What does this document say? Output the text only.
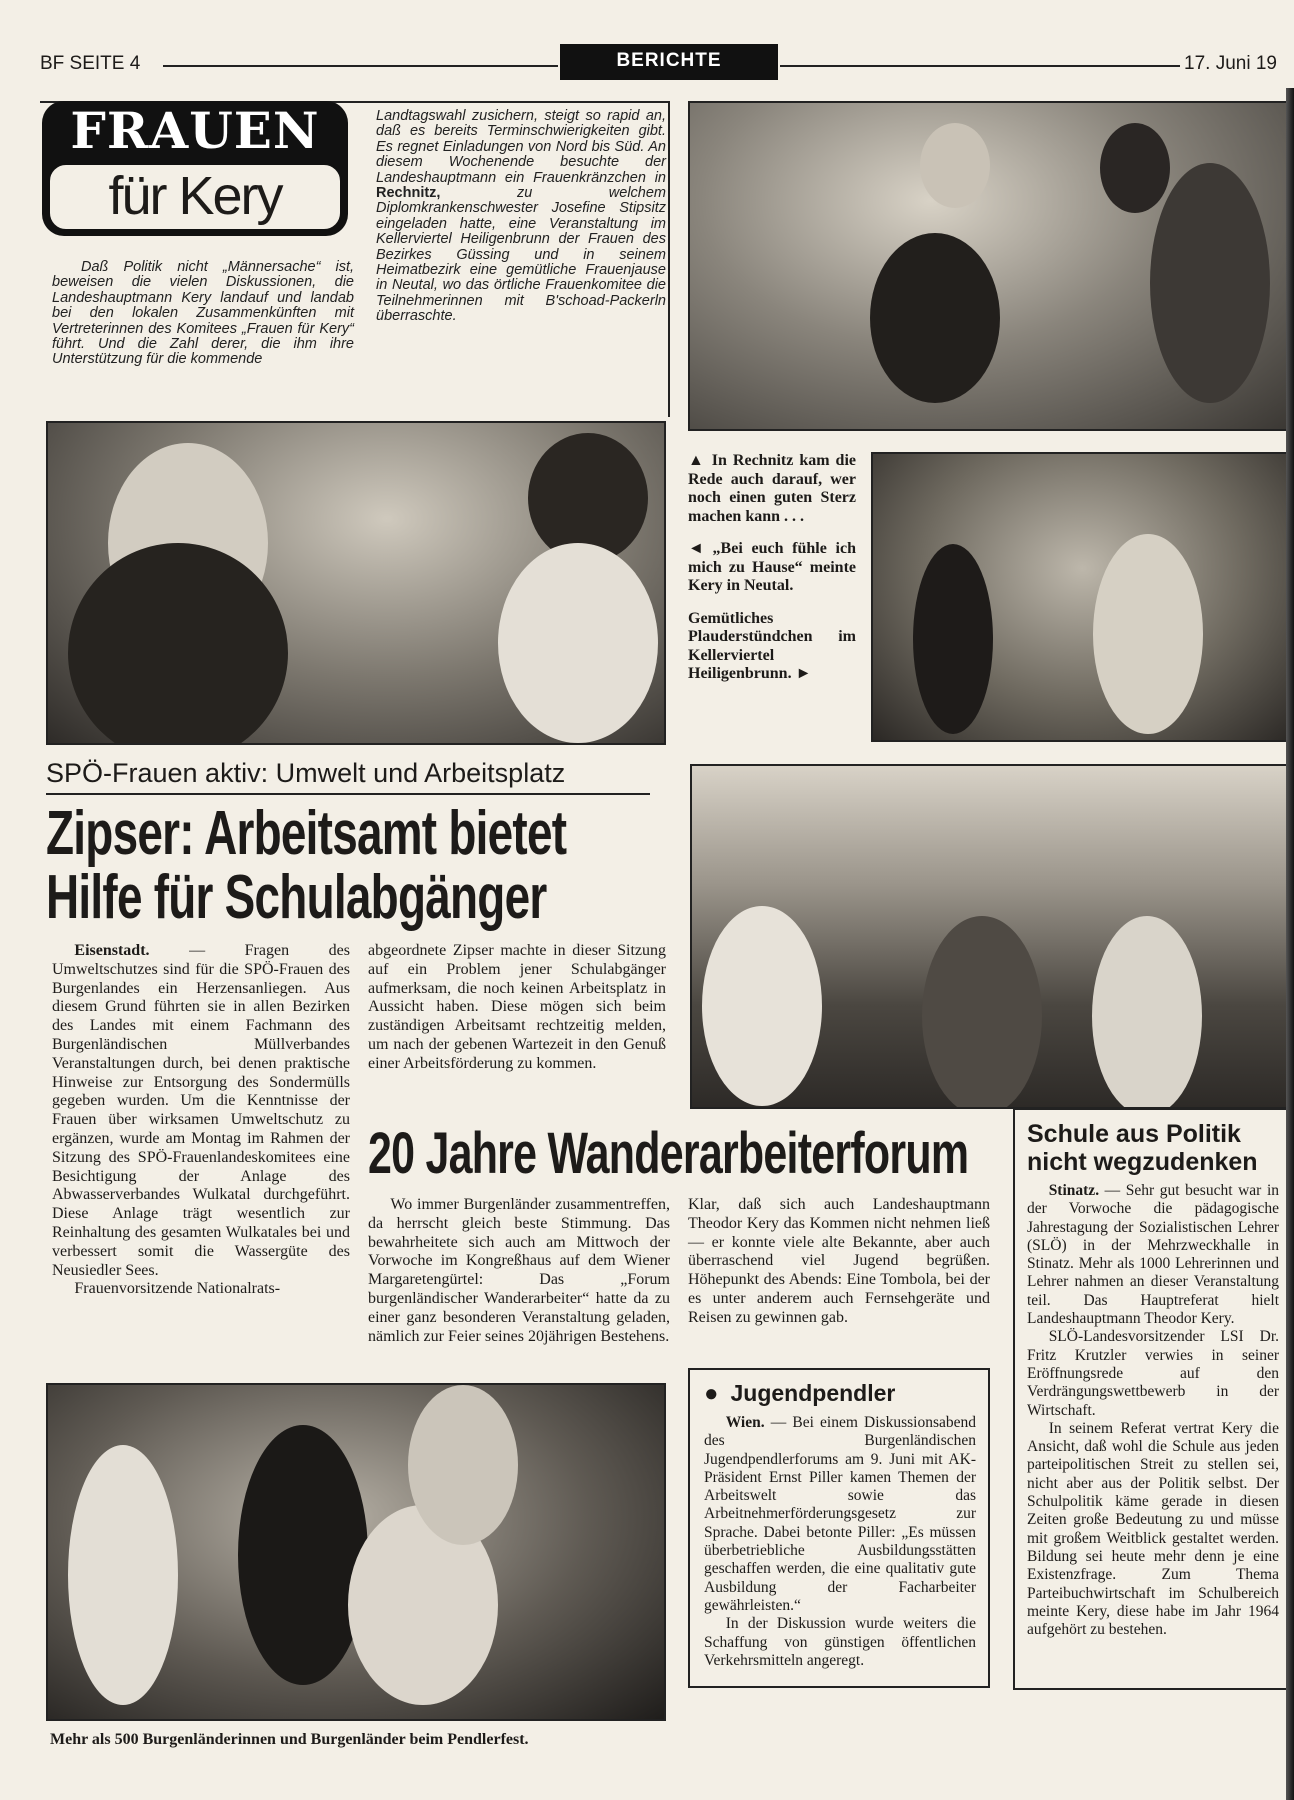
BF SEITE 4	BERICHTE	17. Juni 19
FRAUEN
für Kery
Daß Politik nicht „Männersache“ ist, beweisen die vielen Diskussionen, die Landeshauptmann Kery landauf und landab bei den lokalen Zusammenkünften mit Vertreterinnen des Komitees „Frauen für Kery“ führt. Und die Zahl derer, die ihm ihre Unterstützung für die kommende
Landtagswahl zusichern, steigt so rapid an, daß es bereits Terminschwierigkeiten gibt. Es regnet Einladungen von Nord bis Süd. An diesem Wochenende besuchte der Landeshauptmann ein Frauenkränzchen in Rechnitz, zu welchem Diplomkrankenschwester Josefine Stipsitz eingeladen hatte, eine Veranstaltung im Kellerviertel Heiligenbrunn der Frauen des Bezirkes Güssing und in seinem Heimatbezirk eine gemütliche Frauenjause in Neutal, wo das örtliche Frauenkomitee die Teilnehmerinnen mit B'schoad-Packerln überraschte.

▲ In Rechnitz kam die Rede auch darauf, wer noch einen guten Sterz machen kann . . .

◄ „Bei euch fühle ich mich zu Hause“ meinte Kery in Neutal.

Gemütliches Plauderstündchen im Kellerviertel Heiligenbrunn. ►

SPÖ-Frauen aktiv: Umwelt und Arbeitsplatz
Zipser: Arbeitsamt bietet
Hilfe für Schulabgänger

Eisenstadt. — Fragen des Umweltschutzes sind für die SPÖ-Frauen des Burgenlandes ein Herzensanliegen. Aus diesem Grund führten sie in allen Bezirken des Landes mit einem Fachmann des Burgenländischen Müllverbandes Veranstaltungen durch, bei denen praktische Hinweise zur Entsorgung des Sondermülls gegeben wurden. Um die Kenntnisse der Frauen über wirksamen Umweltschutz zu ergänzen, wurde am Montag im Rahmen der Sitzung des SPÖ-Frauenlandeskomitees eine Besichtigung der Anlage des Abwasserverbandes Wulkatal durchgeführt. Diese Anlage trägt wesentlich zur Reinhaltung des gesamten Wulkatales bei und verbessert somit die Wassergüte des Neusiedler Sees.

Frauenvorsitzende Nationalrats-

abgeordnete Zipser machte in dieser Sitzung auf ein Problem jener Schulabgänger aufmerksam, die noch keinen Arbeitsplatz in Aussicht haben. Diese mögen sich beim zuständigen Arbeitsamt rechtzeitig melden, um nach der gebenen Wartezeit in den Genuß einer Arbeitsförderung zu kommen.

20 Jahre Wanderarbeiterforum

Wo immer Burgenländer zusammentreffen, da herrscht gleich beste Stimmung. Das bewahrheitete sich auch am Mittwoch der Vorwoche im Kongreßhaus auf dem Wiener Margaretengürtel: Das „Forum burgenländischer Wanderarbeiter“ hatte da zu einer ganz besonderen Veranstaltung geladen, nämlich zur Feier seines 20jährigen Bestehens.

Klar, daß sich auch Landeshauptmann Theodor Kery das Kommen nicht nehmen ließ — er konnte viele alte Bekannte, aber auch überraschend viel Jugend begrüßen. Höhepunkt des Abends: Eine Tombola, bei der es unter anderem auch Fernsehgeräte und Reisen zu gewinnen gab.

● Jugendpendler

Wien. — Bei einem Diskussionsabend des Burgenländischen Jugendpendlerforums am 9. Juni mit AK-Präsident Ernst Piller kamen Themen der Arbeitswelt sowie das Arbeitnehmerförderungsgesetz zur Sprache. Dabei betonte Piller: „Es müssen überbetriebliche Ausbildungsstätten geschaffen werden, die eine qualitativ gute Ausbildung der Facharbeiter gewährleisten.“

In der Diskussion wurde weiters die Schaffung von günstigen öffentlichen Verkehrsmitteln angeregt.

Schule aus Politik
nicht wegzudenken

Stinatz. — Sehr gut besucht war in der Vorwoche die pädagogische Jahrestagung der Sozialistischen Lehrer (SLÖ) in der Mehrzweckhalle in Stinatz. Mehr als 1000 Lehrerinnen und Lehrer nahmen an dieser Veranstaltung teil. Das Hauptreferat hielt Landeshauptmann Theodor Kery.

SLÖ-Landesvorsitzender LSI Dr. Fritz Krutzler verwies in seiner Eröffnungsrede auf den Verdrängungswettbewerb in der Wirtschaft.

In seinem Referat vertrat Kery die Ansicht, daß wohl die Schule aus jeden parteipolitischen Streit zu stellen sei, nicht aber aus der Politik selbst. Der Schulpolitik käme gerade in diesen Zeiten große Bedeutung zu und müsse mit großem Weitblick gestaltet werden. Bildung sei heute mehr denn je eine Existenzfrage. Zum Thema Parteibuchwirtschaft im Schulbereich meinte Kery, diese habe im Jahr 1964 aufgehört zu bestehen.

Mehr als 500 Burgenländerinnen und Burgenländer beim Pendlerfest.
